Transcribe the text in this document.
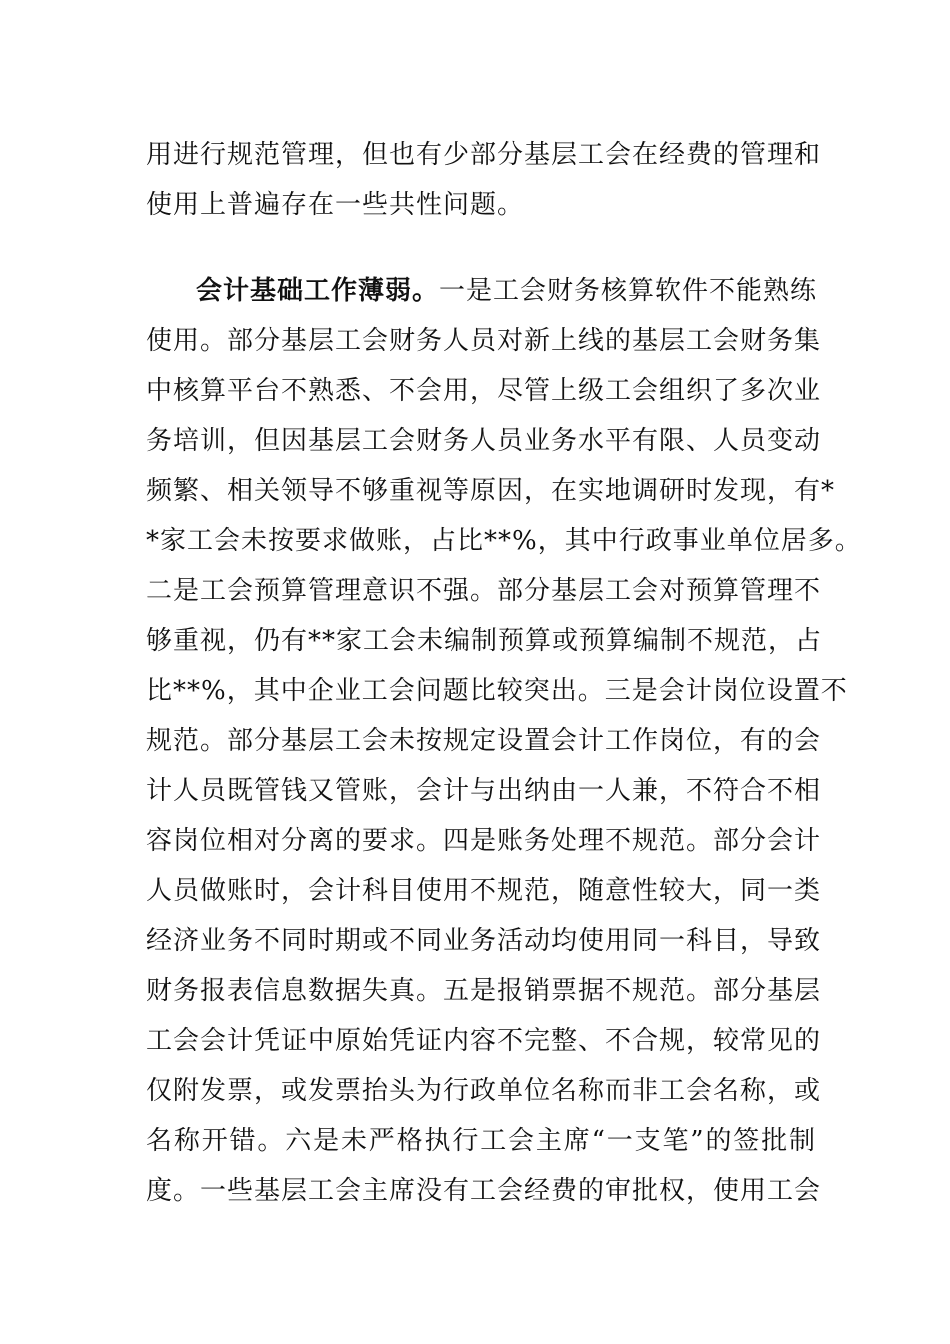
用进行规范管理，但也有少部分基层工会在经费的管理和
使用上普遍存在一些共性问题。
会计基础工作薄弱。一是工会财务核算软件不能熟练
使用。部分基层工会财务人员对新上线的基层工会财务集
中核算平台不熟悉、不会用，尽管上级工会组织了多次业
务培训，但因基层工会财务人员业务水平有限、人员变动
频繁、相关领导不够重视等原因，在实地调研时发现，有*
*家工会未按要求做账，占比**%，其中行政事业单位居多。
二是工会预算管理意识不强。部分基层工会对预算管理不
够重视，仍有**家工会未编制预算或预算编制不规范，占
比**%，其中企业工会问题比较突出。三是会计岗位设置不
规范。部分基层工会未按规定设置会计工作岗位，有的会
计人员既管钱又管账，会计与出纳由一人兼，不符合不相
容岗位相对分离的要求。四是账务处理不规范。部分会计
人员做账时，会计科目使用不规范，随意性较大，同一类
经济业务不同时期或不同业务活动均使用同一科目，导致
财务报表信息数据失真。五是报销票据不规范。部分基层
工会会计凭证中原始凭证内容不完整、不合规，较常见的
仅附发票，或发票抬头为行政单位名称而非工会名称，或
名称开错。六是未严格执行工会主席“一支笔”的签批制
度。一些基层工会主席没有工会经费的审批权，使用工会
